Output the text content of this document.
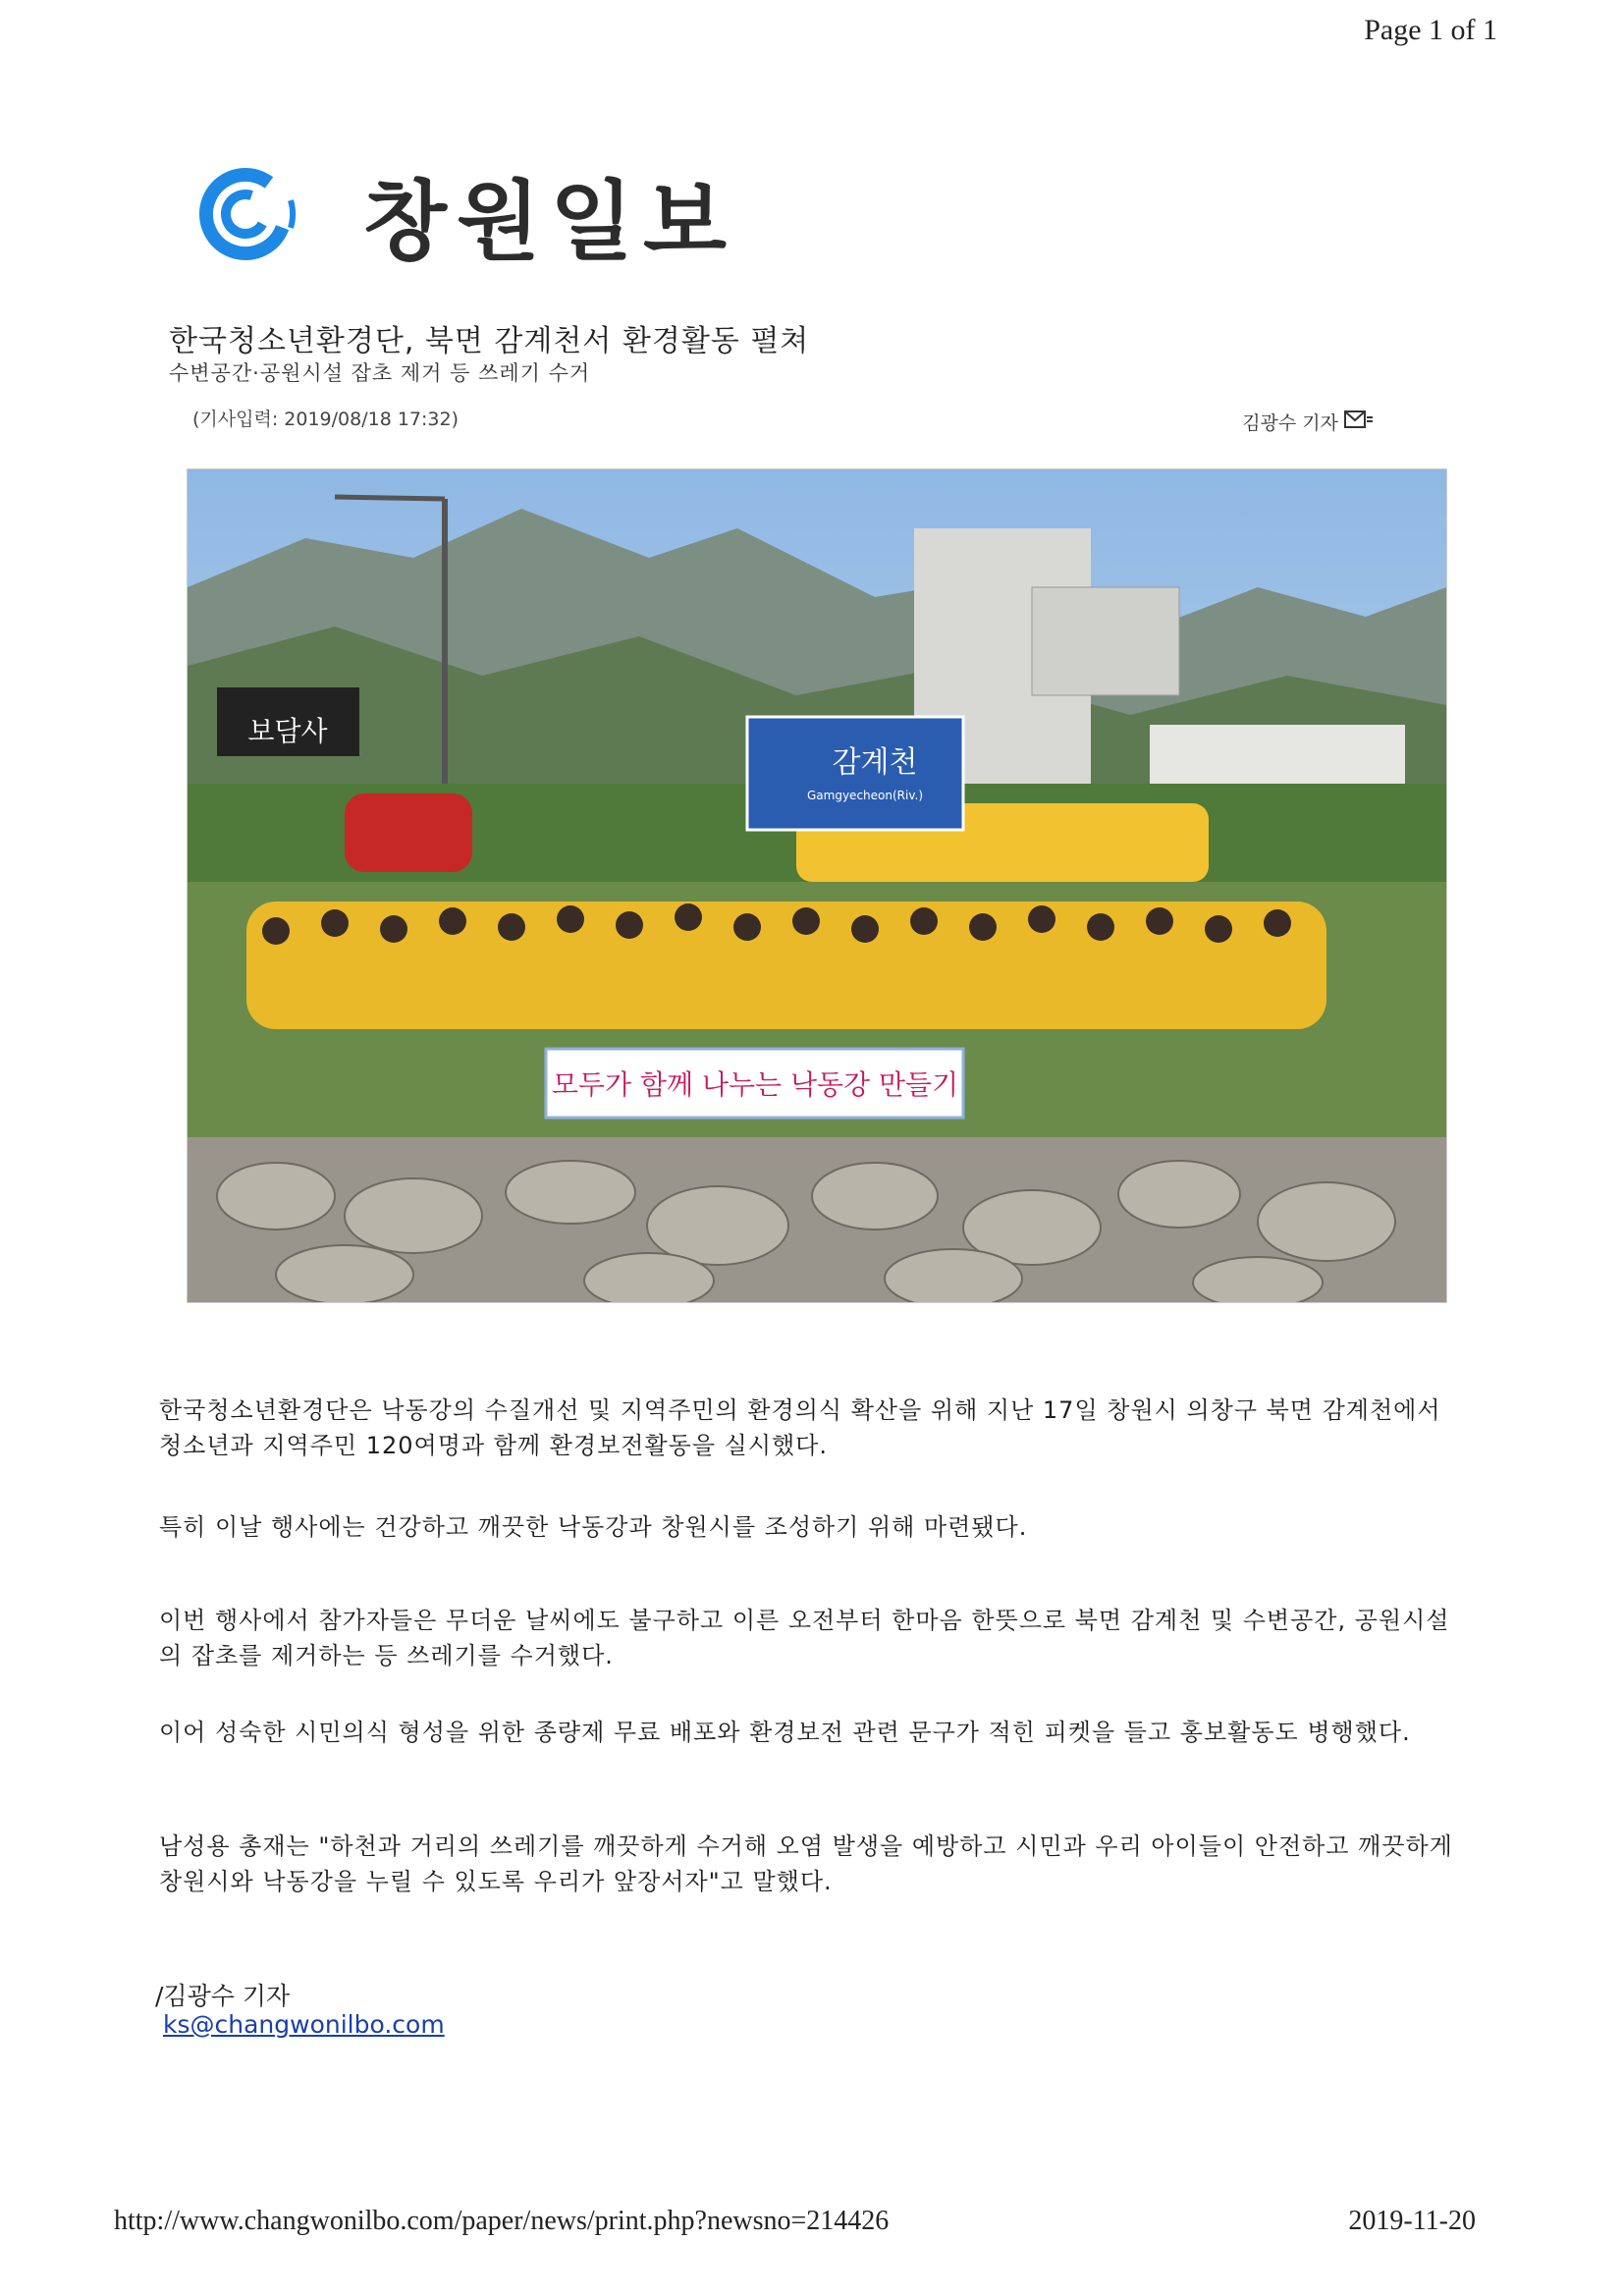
Page 1 of 1
창원일보
한국청소년환경단, 북면 감계천서 환경활동 펼쳐
수변공간·공원시설 잡초 제거 등 쓰레기 수거
(기사입력: 2019/08/18 17:32)	김광수 기자
보담사
감계천
Gamgyecheon(Riv.)
모두가 함께 나누는 낙동강 만들기

한국청소년환경단은 낙동강의 수질개선 및 지역주민의 환경의식 확산을 위해 지난 17일 창원시 의창구 북면 감계천에서 청소년과 지역주민 120여명과 함께 환경보전활동을 실시했다.

특히 이날 행사에는 건강하고 깨끗한 낙동강과 창원시를 조성하기 위해 마련됐다.

이번 행사에서 참가자들은 무더운 날씨에도 불구하고 이른 오전부터 한마음 한뜻으로 북면 감계천 및 수변공간, 공원시설의 잡초를 제거하는 등 쓰레기를 수거했다.

이어 성숙한 시민의식 형성을 위한 종량제 무료 배포와 환경보전 관련 문구가 적힌 피켓을 들고 홍보활동도 병행했다.

남성용 총재는 "하천과 거리의 쓰레기를 깨끗하게 수거해 오염 발생을 예방하고 시민과 우리 아이들이 안전하고 깨끗하게 창원시와 낙동강을 누릴 수 있도록 우리가 앞장서자"고 말했다.

/김광수 기자
ks@changwonilbo.com
http://www.changwonilbo.com/paper/news/print.php?newsno=214426	2019-11-20
